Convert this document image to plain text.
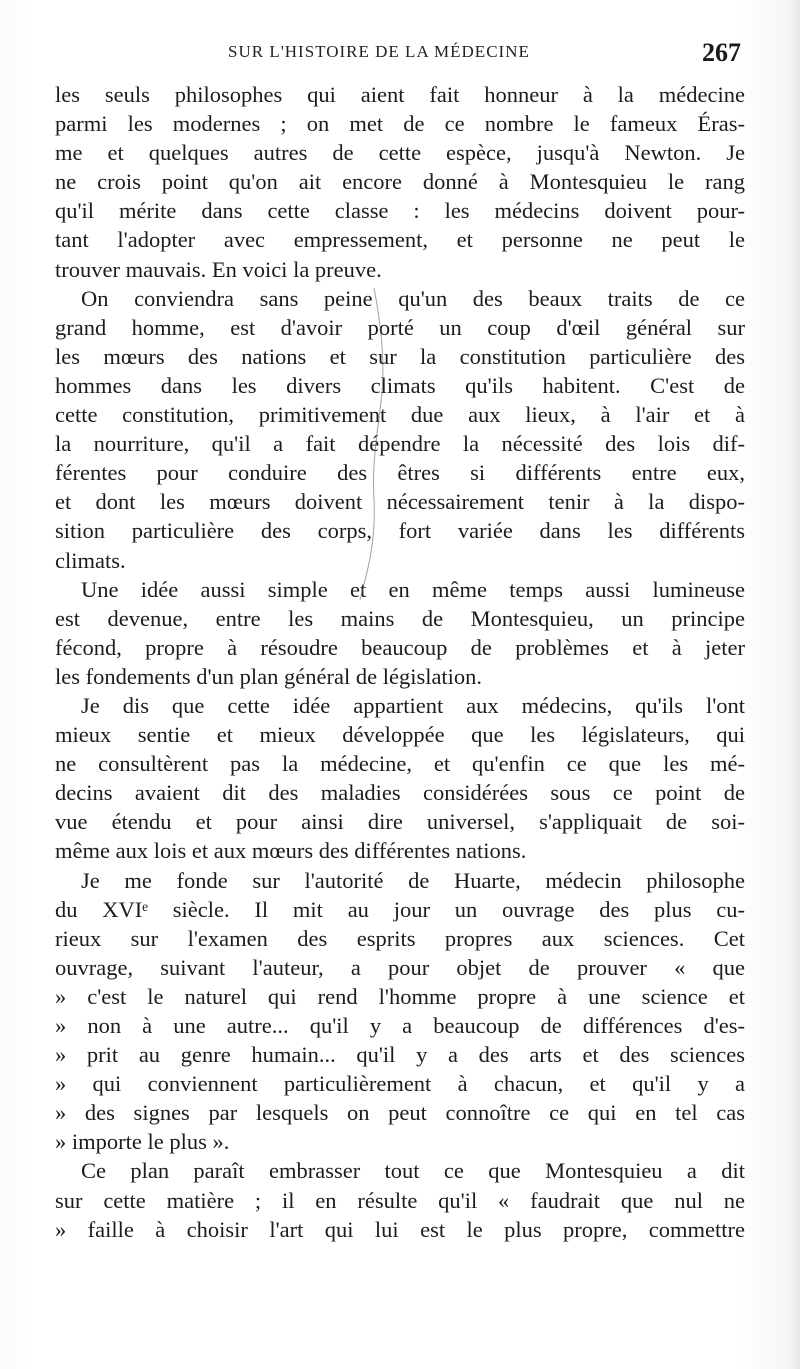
SUR L'HISTOIRE DE LA MÉDECINE	267
les seuls philosophes qui aient fait honneur à la médecine
parmi les modernes ; on met de ce nombre le fameux Éras-
me et quelques autres de cette espèce, jusqu'à Newton. Je
ne crois point qu'on ait encore donné à Montesquieu le rang
qu'il mérite dans cette classe : les médecins doivent pour-
tant l'adopter avec empressement, et personne ne peut le
trouver mauvais. En voici la preuve.
On conviendra sans peine qu'un des beaux traits de ce
grand homme, est d'avoir porté un coup d'œil général sur
les mœurs des nations et sur la constitution particulière des
hommes dans les divers climats qu'ils habitent. C'est de
cette constitution, primitivement due aux lieux, à l'air et à
la nourriture, qu'il a fait dépendre la nécessité des lois dif-
férentes pour conduire des êtres si différents entre eux,
et dont les mœurs doivent nécessairement tenir à la dispo-
sition particulière des corps, fort variée dans les différents
climats.
Une idée aussi simple et en même temps aussi lumineuse
est devenue, entre les mains de Montesquieu, un principe
fécond, propre à résoudre beaucoup de problèmes et à jeter
les fondements d'un plan général de législation.
Je dis que cette idée appartient aux médecins, qu'ils l'ont
mieux sentie et mieux développée que les législateurs, qui
ne consultèrent pas la médecine, et qu'enfin ce que les mé-
decins avaient dit des maladies considérées sous ce point de
vue étendu et pour ainsi dire universel, s'appliquait de soi-
même aux lois et aux mœurs des différentes nations.
Je me fonde sur l'autorité de Huarte, médecin philosophe
du XVIᵉ siècle. Il mit au jour un ouvrage des plus cu-
rieux sur l'examen des esprits propres aux sciences. Cet
ouvrage, suivant l'auteur, a pour objet de prouver « que
» c'est le naturel qui rend l'homme propre à une science et
» non à une autre... qu'il y a beaucoup de différences d'es-
» prit au genre humain... qu'il y a des arts et des sciences
» qui conviennent particulièrement à chacun, et qu'il y a
» des signes par lesquels on peut connoître ce qui en tel cas
» importe le plus ».
Ce plan paraît embrasser tout ce que Montesquieu a dit
sur cette matière ; il en résulte qu'il « faudrait que nul ne
» faille à choisir l'art qui lui est le plus propre, commettre
